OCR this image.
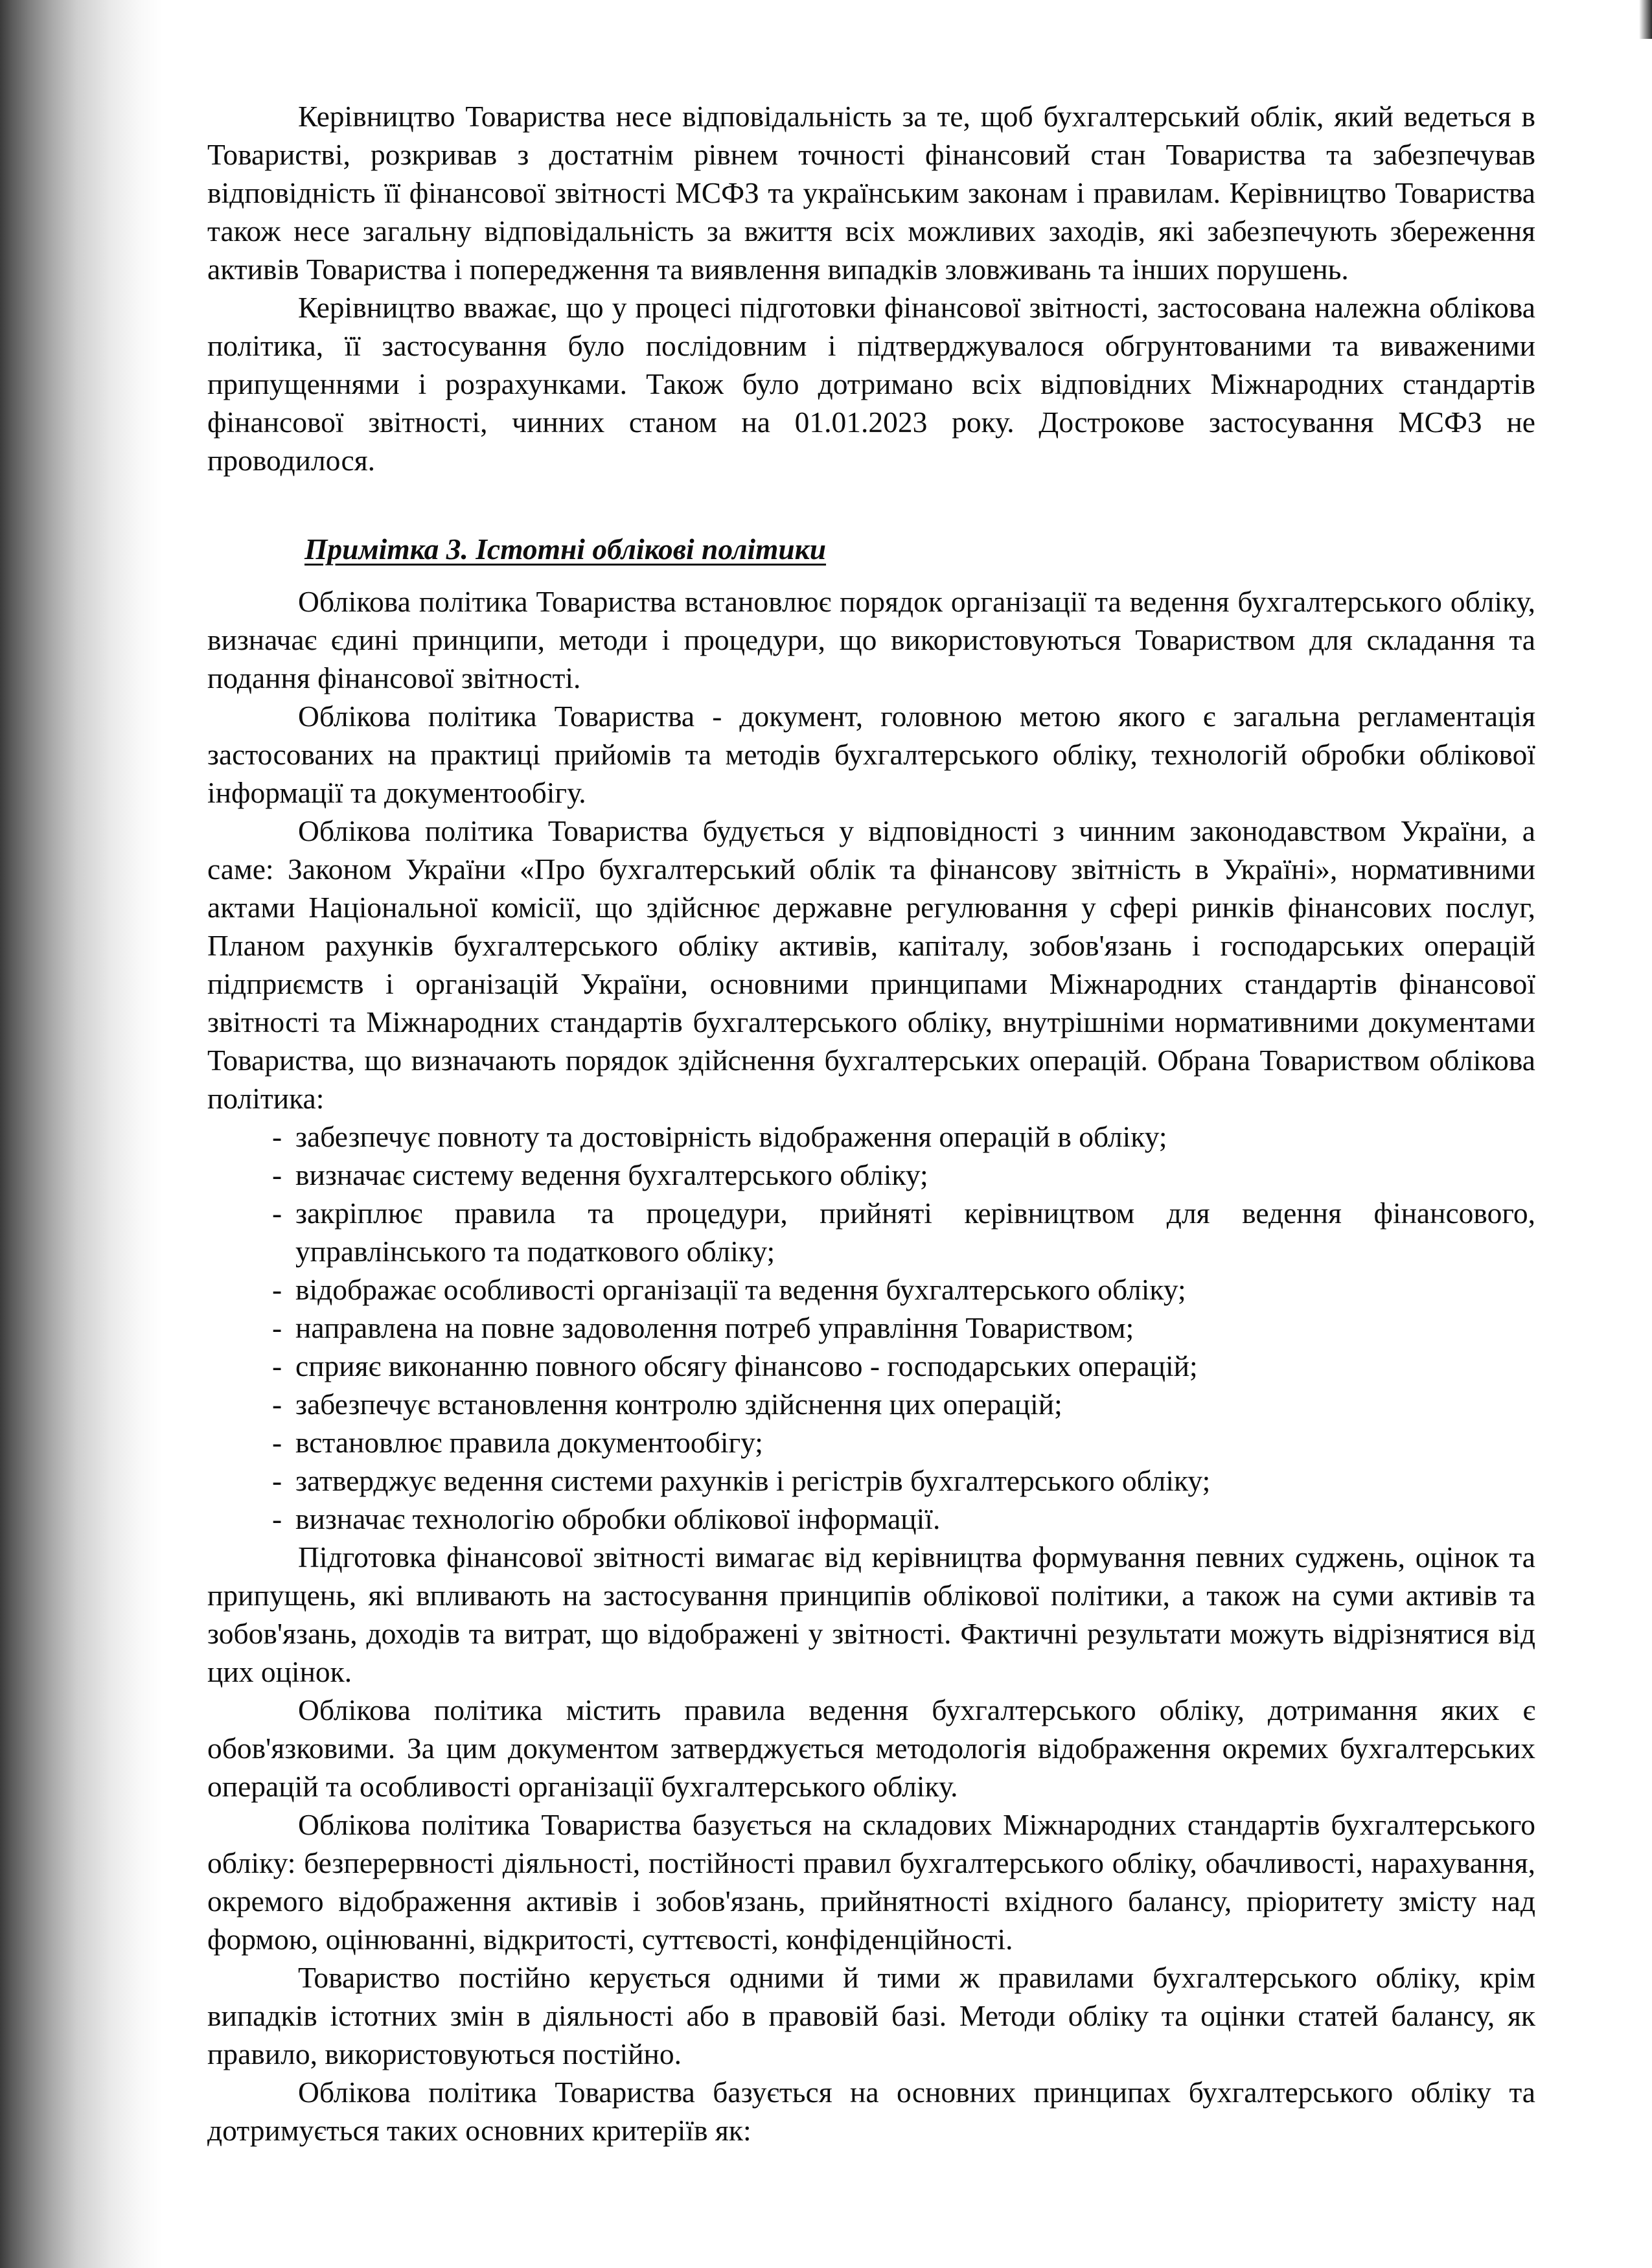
Керівництво Товариства несе відповідальність за те, щоб бухгалтерський облік, який ведеться в Товаристві, розкривав з достатнім рівнем точності фінансовий стан Товариства та забезпечував відповідність її фінансової звітності МСФЗ та українським законам і правилам. Керівництво Товариства також несе загальну відповідальність за вжиття всіх можливих заходів, які забезпечують збереження активів Товариства і попередження та виявлення випадків зловживань та інших порушень.

Керівництво вважає, що у процесі підготовки фінансової звітності, застосована належна облікова політика, її застосування було послідовним і підтверджувалося обгрунтованими та виваженими припущеннями і розрахунками. Також було дотримано всіх відповідних Міжнародних стандартів фінансової звітності, чинних станом на 01.01.2023 року. Дострокове застосування МСФЗ не проводилося.

Примітка 3. Істотні облікові політики

Облікова політика Товариства встановлює порядок організації та ведення бухгалтерського обліку, визначає єдині принципи, методи і процедури, що використовуються Товариством для складання та подання фінансової звітності.

Облікова політика Товариства - документ, головною метою якого є загальна регламентація застосованих на практиці прийомів та методів бухгалтерського обліку, технологій обробки облікової інформації та документообігу.

Облікова політика Товариства будується у відповідності з чинним законодавством України, а саме: Законом України «Про бухгалтерський облік та фінансову звітність в Україні», нормативними актами Національної комісії, що здійснює державне регулювання у сфері ринків фінансових послуг, Планом рахунків бухгалтерського обліку активів, капіталу, зобов'язань і господарських операцій підприємств і організацій України, основними принципами Міжнародних стандартів фінансової звітності та Міжнародних стандартів бухгалтерського обліку, внутрішніми нормативними документами Товариства, що визначають порядок здійснення бухгалтерських операцій. Обрана Товариством облікова політика:

- забезпечує повноту та достовірність відображення операцій в обліку;
- визначає систему ведення бухгалтерського обліку;
- закріплює правила та процедури, прийняті керівництвом для ведення фінансового, управлінського та податкового обліку;
- відображає особливості організації та ведення бухгалтерського обліку;
- направлена на повне задоволення потреб управління Товариством;
- сприяє виконанню повного обсягу фінансово - господарських операцій;
- забезпечує встановлення контролю здійснення цих операцій;
- встановлює правила документообігу;
- затверджує ведення системи рахунків і регістрів бухгалтерського обліку;
- визначає технологію обробки облікової інформації.

Підготовка фінансової звітності вимагає від керівництва формування певних суджень, оцінок та припущень, які впливають на застосування принципів облікової політики, а також на суми активів та зобов'язань, доходів та витрат, що відображені у звітності. Фактичні результати можуть відрізнятися від цих оцінок.

Облікова політика містить правила ведення бухгалтерського обліку, дотримання яких є обов'язковими. За цим документом затверджується методологія відображення окремих бухгалтерських операцій та особливості організації бухгалтерського обліку.

Облікова політика Товариства базується на складових Міжнародних стандартів бухгалтерського обліку: безперервності діяльності, постійності правил бухгалтерського обліку, обачливості, нарахування, окремого відображення активів і зобов'язань, прийнятності вхідного балансу, пріоритету змісту над формою, оцінюванні, відкритості, суттєвості, конфіденційності.

Товариство постійно керується одними й тими ж правилами бухгалтерського обліку, крім випадків істотних змін в діяльності або в правовій базі. Методи обліку та оцінки статей балансу, як правило, використовуються постійно.

Облікова політика Товариства базується на основних принципах бухгалтерського обліку та дотримується таких основних критеріїв як:
